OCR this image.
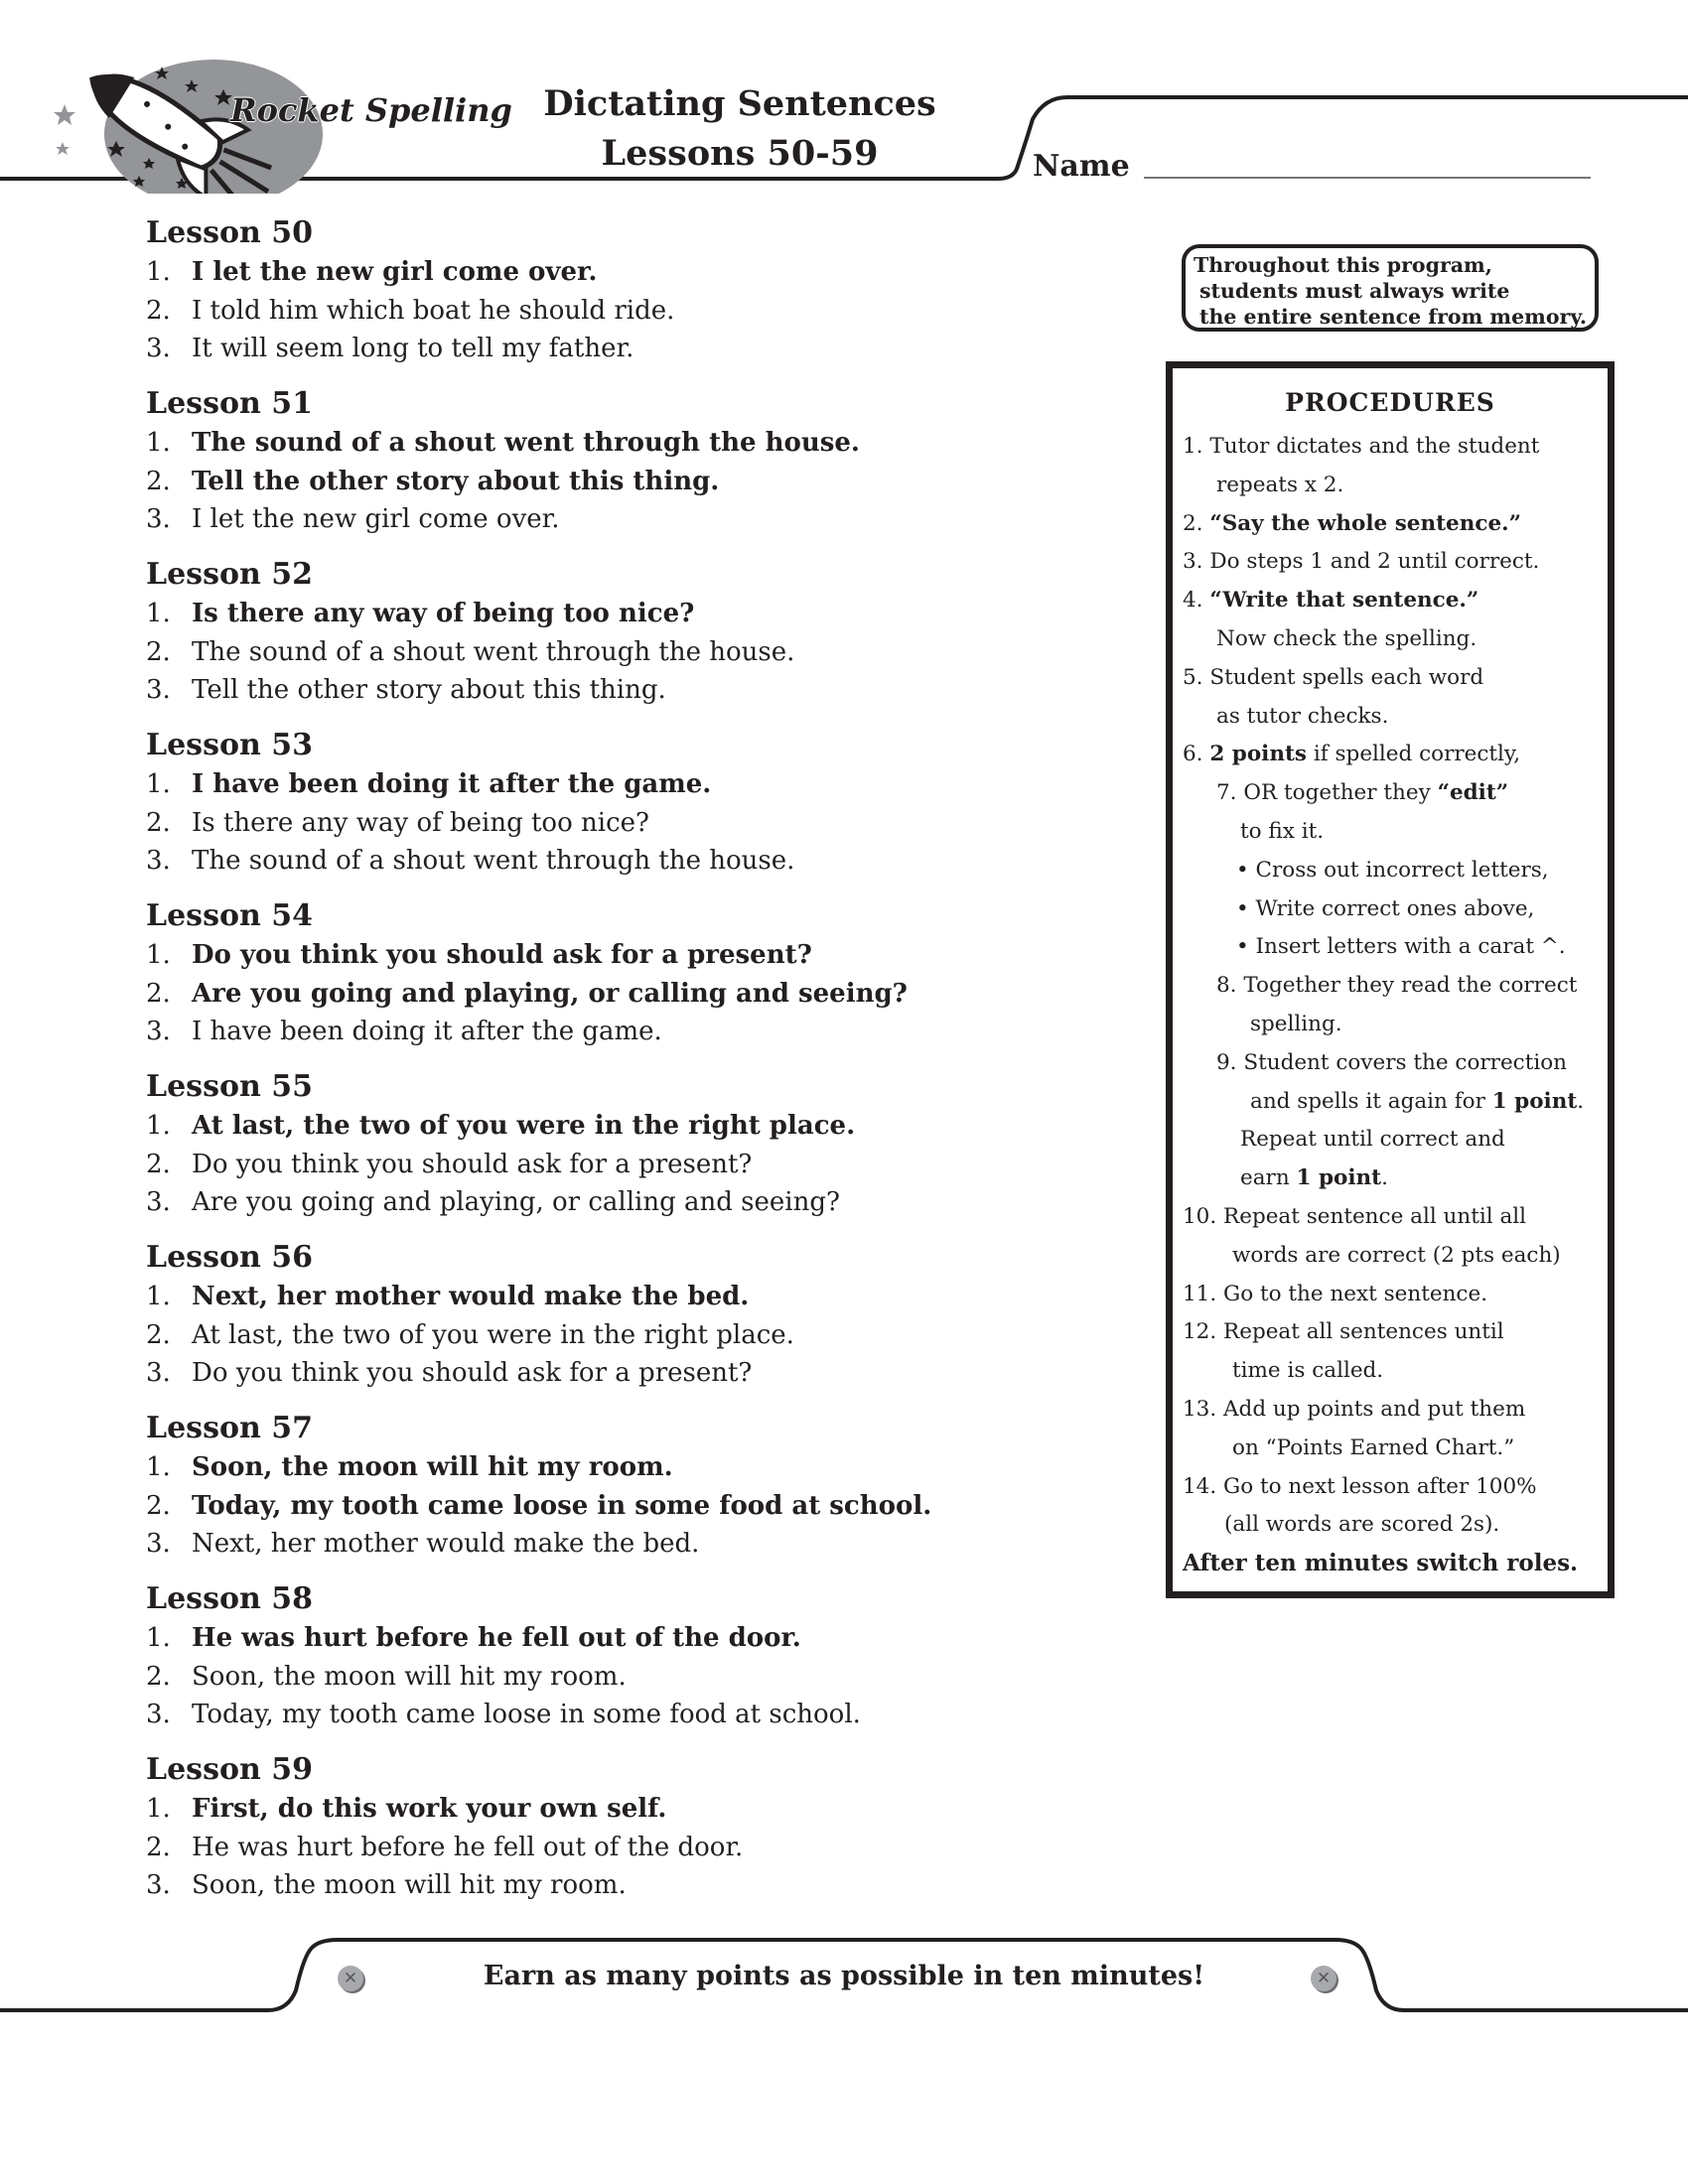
Rocket Spelling Dictating Sentences
Lessons 50-59	Name
Throughout this program,
students must always write
the entire sentence from memory.
Lesson 50
1. I let the new girl come over.
2. I told him which boat he should ride.
3. It will seem long to tell my father.
Lesson 51
1. The sound of a shout went through the house.
2. Tell the other story about this thing.
3. I let the new girl come over.
Lesson 52
1. Is there any way of being too nice?
2. The sound of a shout went through the house.
3. Tell the other story about this thing.
Lesson 53
1. I have been doing it after the game.
2. Is there any way of being too nice?
3. The sound of a shout went through the house.
Lesson 54
1. Do you think you should ask for a present?
2. Are you going and playing, or calling and seeing?
3. I have been doing it after the game.
Lesson 55
1. At last, the two of you were in the right place.
2. Do you think you should ask for a present?
3. Are you going and playing, or calling and seeing?
Lesson 56
1. Next, her mother would make the bed.
2. At last, the two of you were in the right place.
3. Do you think you should ask for a present?
Lesson 57
1. Soon, the moon will hit my room.
2. Today, my tooth came loose in some food at school.
3. Next, her mother would make the bed.
Lesson 58
1. He was hurt before he fell out of the door.
2. Soon, the moon will hit my room.
3. Today, my tooth came loose in some food at school.
Lesson 59
1. First, do this work your own self.
2. He was hurt before he fell out of the door.
3. Soon, the moon will hit my room.
PROCEDURES
1. Tutor dictates and the student
repeats x 2.
2. “Say the whole sentence.”
3. Do steps 1 and 2 until correct.
4. “Write that sentence.”
Now check the spelling.
5. Student spells each word
as tutor checks.
6. 2 points if spelled correctly,
7. OR together they “edit”
to fix it.
• Cross out incorrect letters,
• Write correct ones above,
• Insert letters with a carat ^.
8. Together they read the correct
spelling.
9. Student covers the correction
and spells it again for 1 point.
Repeat until correct and
earn 1 point.
10. Repeat sentence all until all
words are correct (2 pts each)
11. Go to the next sentence.
12. Repeat all sentences until
time is called.
13. Add up points and put them
on “Points Earned Chart.”
14. Go to next lesson after 100%
(all words are scored 2s).
After ten minutes switch roles.
✕	✕
Earn as many points as possible in ten minutes!
